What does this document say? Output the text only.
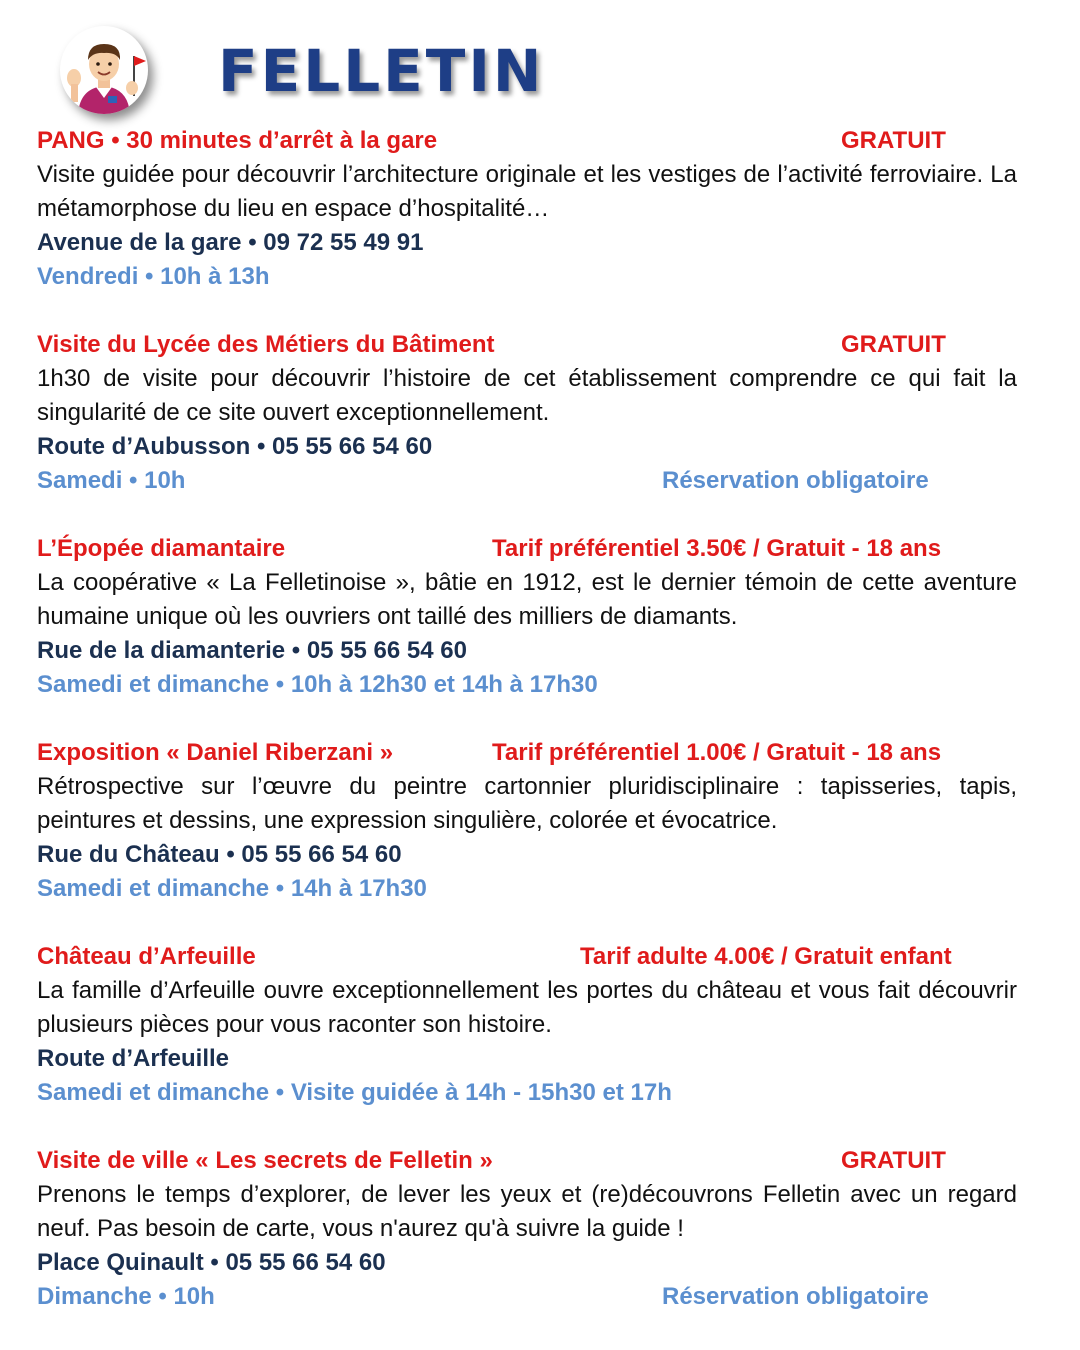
FELLETIN
PANG • 30 minutes d’arrêt à la gare	GRATUIT
Visite guidée pour découvrir l’architecture originale et les vestiges de l’activité ferroviaire. La métamorphose du lieu en espace d’hospitalité…
Avenue de la gare • 09 72 55 49 91
Vendredi • 10h à 13h
Visite du Lycée des Métiers du Bâtiment	GRATUIT
1h30 de visite pour découvrir l’histoire de cet établissement comprendre ce qui fait la singularité de ce site ouvert exceptionnellement.
Route d’Aubusson • 05 55 66 54 60
Samedi • 10h	Réservation obligatoire
L’Épopée diamantaire	Tarif préférentiel 3.50€ / Gratuit - 18 ans
La coopérative « La Felletinoise », bâtie en 1912, est le dernier témoin de cette aventure humaine unique où les ouvriers ont taillé des milliers de diamants.
Rue de la diamanterie • 05 55 66 54 60
Samedi et dimanche • 10h à 12h30 et 14h à 17h30
Exposition « Daniel Riberzani »	Tarif préférentiel 1.00€ / Gratuit - 18 ans
Rétrospective sur l’œuvre du peintre cartonnier pluridisciplinaire : tapisseries, tapis, peintures et dessins, une expression singulière, colorée et évocatrice.
Rue du Château • 05 55 66 54 60
Samedi et dimanche • 14h à 17h30
Château d’Arfeuille	Tarif adulte 4.00€ / Gratuit enfant
La famille d’Arfeuille ouvre exceptionnellement les portes du château et vous fait découvrir plusieurs pièces pour vous raconter son histoire.
Route d’Arfeuille
Samedi et dimanche • Visite guidée à 14h - 15h30 et 17h
Visite de ville « Les secrets de Felletin »	GRATUIT
Prenons le temps d’explorer, de lever les yeux et (re)découvrons Felletin avec un regard neuf. Pas besoin de carte, vous n'aurez qu'à suivre la guide !
Place Quinault • 05 55 66 54 60
Dimanche • 10h	Réservation obligatoire
